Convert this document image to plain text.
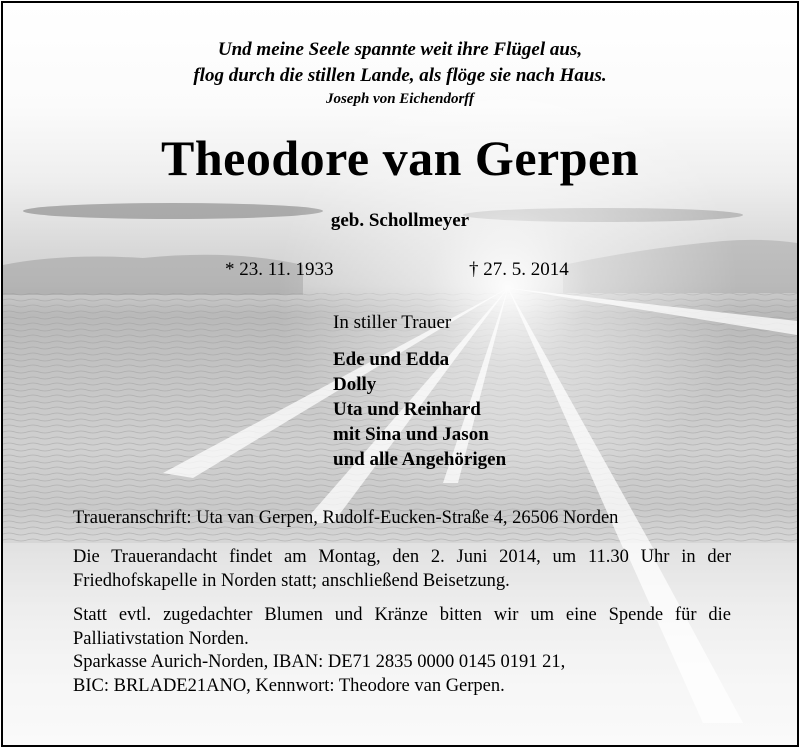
Und meine Seele spannte weit ihre Flügel aus,
flog durch die stillen Lande, als flöge sie nach Haus.
Joseph von Eichendorff
Theodore van Gerpen
geb. Schollmeyer
* 23. 11. 1933	† 27. 5. 2014
In stiller Trauer
Ede und Edda
Dolly
Uta und Reinhard
mit Sina und Jason
und alle Angehörigen
Traueranschrift: Uta van Gerpen, Rudolf-Eucken-Straße 4, 26506 Norden
Die Trauerandacht findet am Montag, den 2. Juni 2014, um 11.30 Uhr in der Friedhofskapelle in Norden statt; anschließend Beisetzung.
Statt evtl. zugedachter Blumen und Kränze bitten wir um eine Spende für die Palliativstation Norden.
Sparkasse Aurich-Norden, IBAN: DE71 2835 0000 0145 0191 21,
BIC: BRLADE21ANO, Kennwort: Theodore van Gerpen.
